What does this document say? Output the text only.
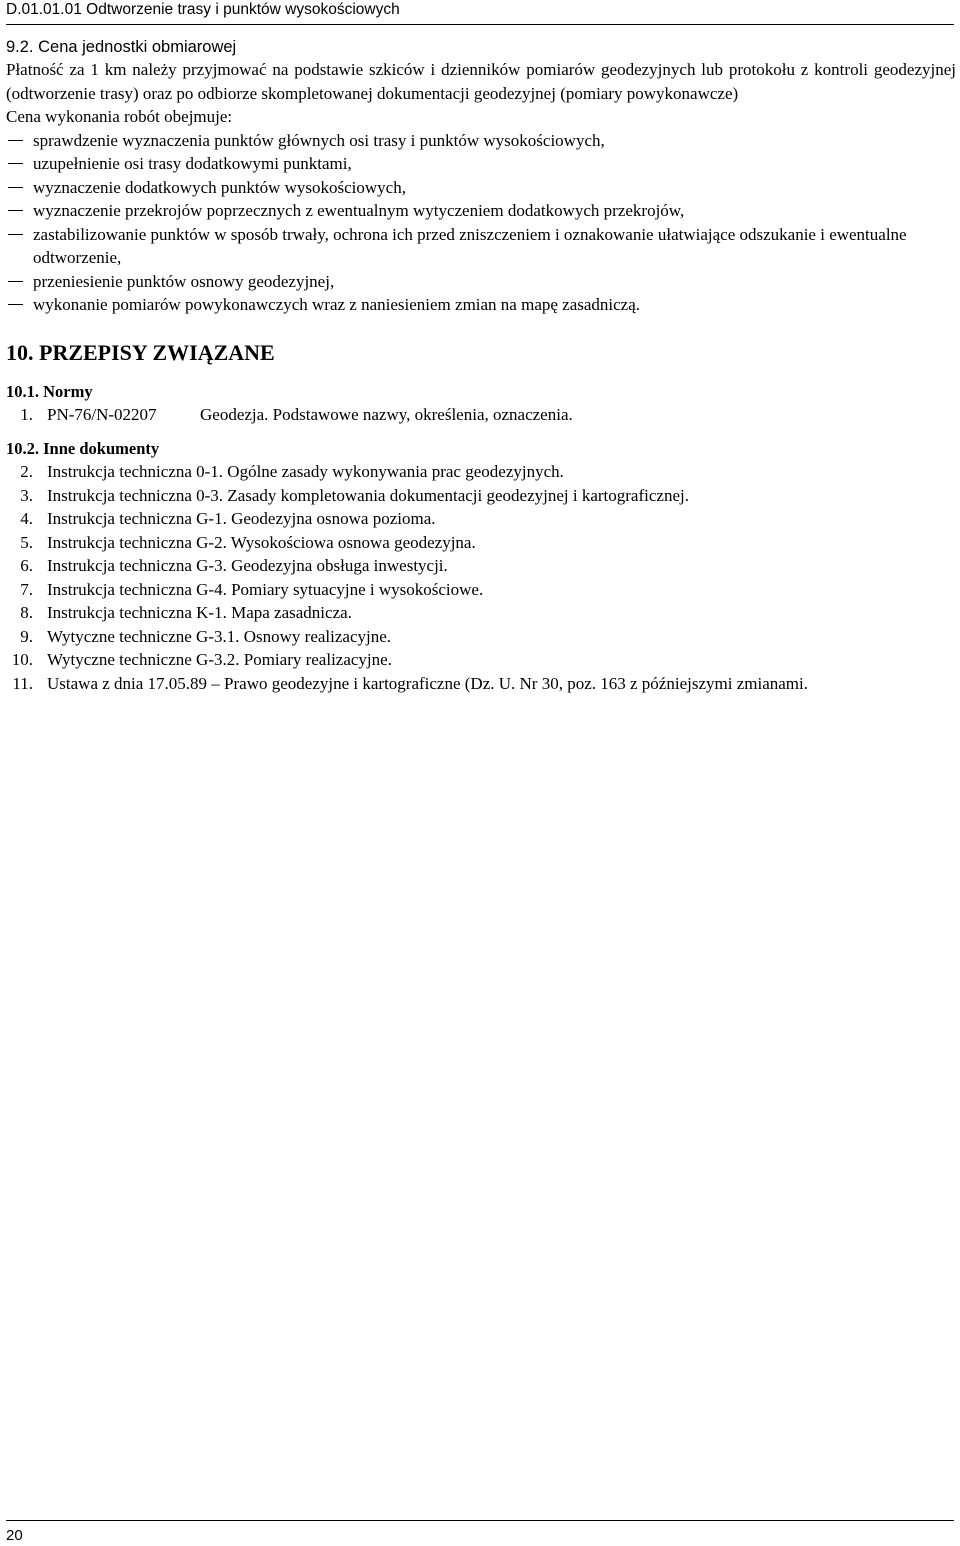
D.01.01.01 Odtworzenie trasy i punktów wysokościowych

9.2. Cena jednostki obmiarowej

Płatność za 1 km należy przyjmować na podstawie szkiców i dzienników pomiarów geodezyjnych lub protokołu z kontroli geodezyjnej (odtworzenie trasy) oraz po odbiorze skompletowanej dokumentacji geodezyjnej (pomiary powykonawcze)

Cena wykonania robót obejmuje:

sprawdzenie wyznaczenia punktów głównych osi trasy i punktów wysokościowych,
uzupełnienie osi trasy dodatkowymi punktami,
wyznaczenie dodatkowych punktów wysokościowych,
wyznaczenie przekrojów poprzecznych z ewentualnym wytyczeniem dodatkowych przekrojów,
zastabilizowanie punktów w sposób trwały, ochrona ich przed zniszczeniem i oznakowanie ułatwiające odszukanie i ewentualne odtworzenie,
przeniesienie punktów osnowy geodezyjnej,
wykonanie pomiarów powykonawczych wraz z naniesieniem zmian na mapę zasadniczą.

10. PRZEPISY ZWIĄZANE

10.1. Normy

1. PN-76/N-02207	Geodezja. Podstawowe nazwy, określenia, oznaczenia.

10.2. Inne dokumenty

2. Instrukcja techniczna 0-1. Ogólne zasady wykonywania prac geodezyjnych.
3. Instrukcja techniczna 0-3. Zasady kompletowania dokumentacji geodezyjnej i kartograficznej.
4. Instrukcja techniczna G-1. Geodezyjna osnowa pozioma.
5. Instrukcja techniczna G-2. Wysokościowa osnowa geodezyjna.
6. Instrukcja techniczna G-3. Geodezyjna obsługa inwestycji.
7. Instrukcja techniczna G-4. Pomiary sytuacyjne i wysokościowe.
8. Instrukcja techniczna K-1. Mapa zasadnicza.
9. Wytyczne techniczne G-3.1. Osnowy realizacyjne.
10. Wytyczne techniczne G-3.2. Pomiary realizacyjne.
11. Ustawa z dnia 17.05.89 – Prawo geodezyjne i kartograficzne (Dz. U. Nr 30, poz. 163 z późniejszymi zmianami.
20
